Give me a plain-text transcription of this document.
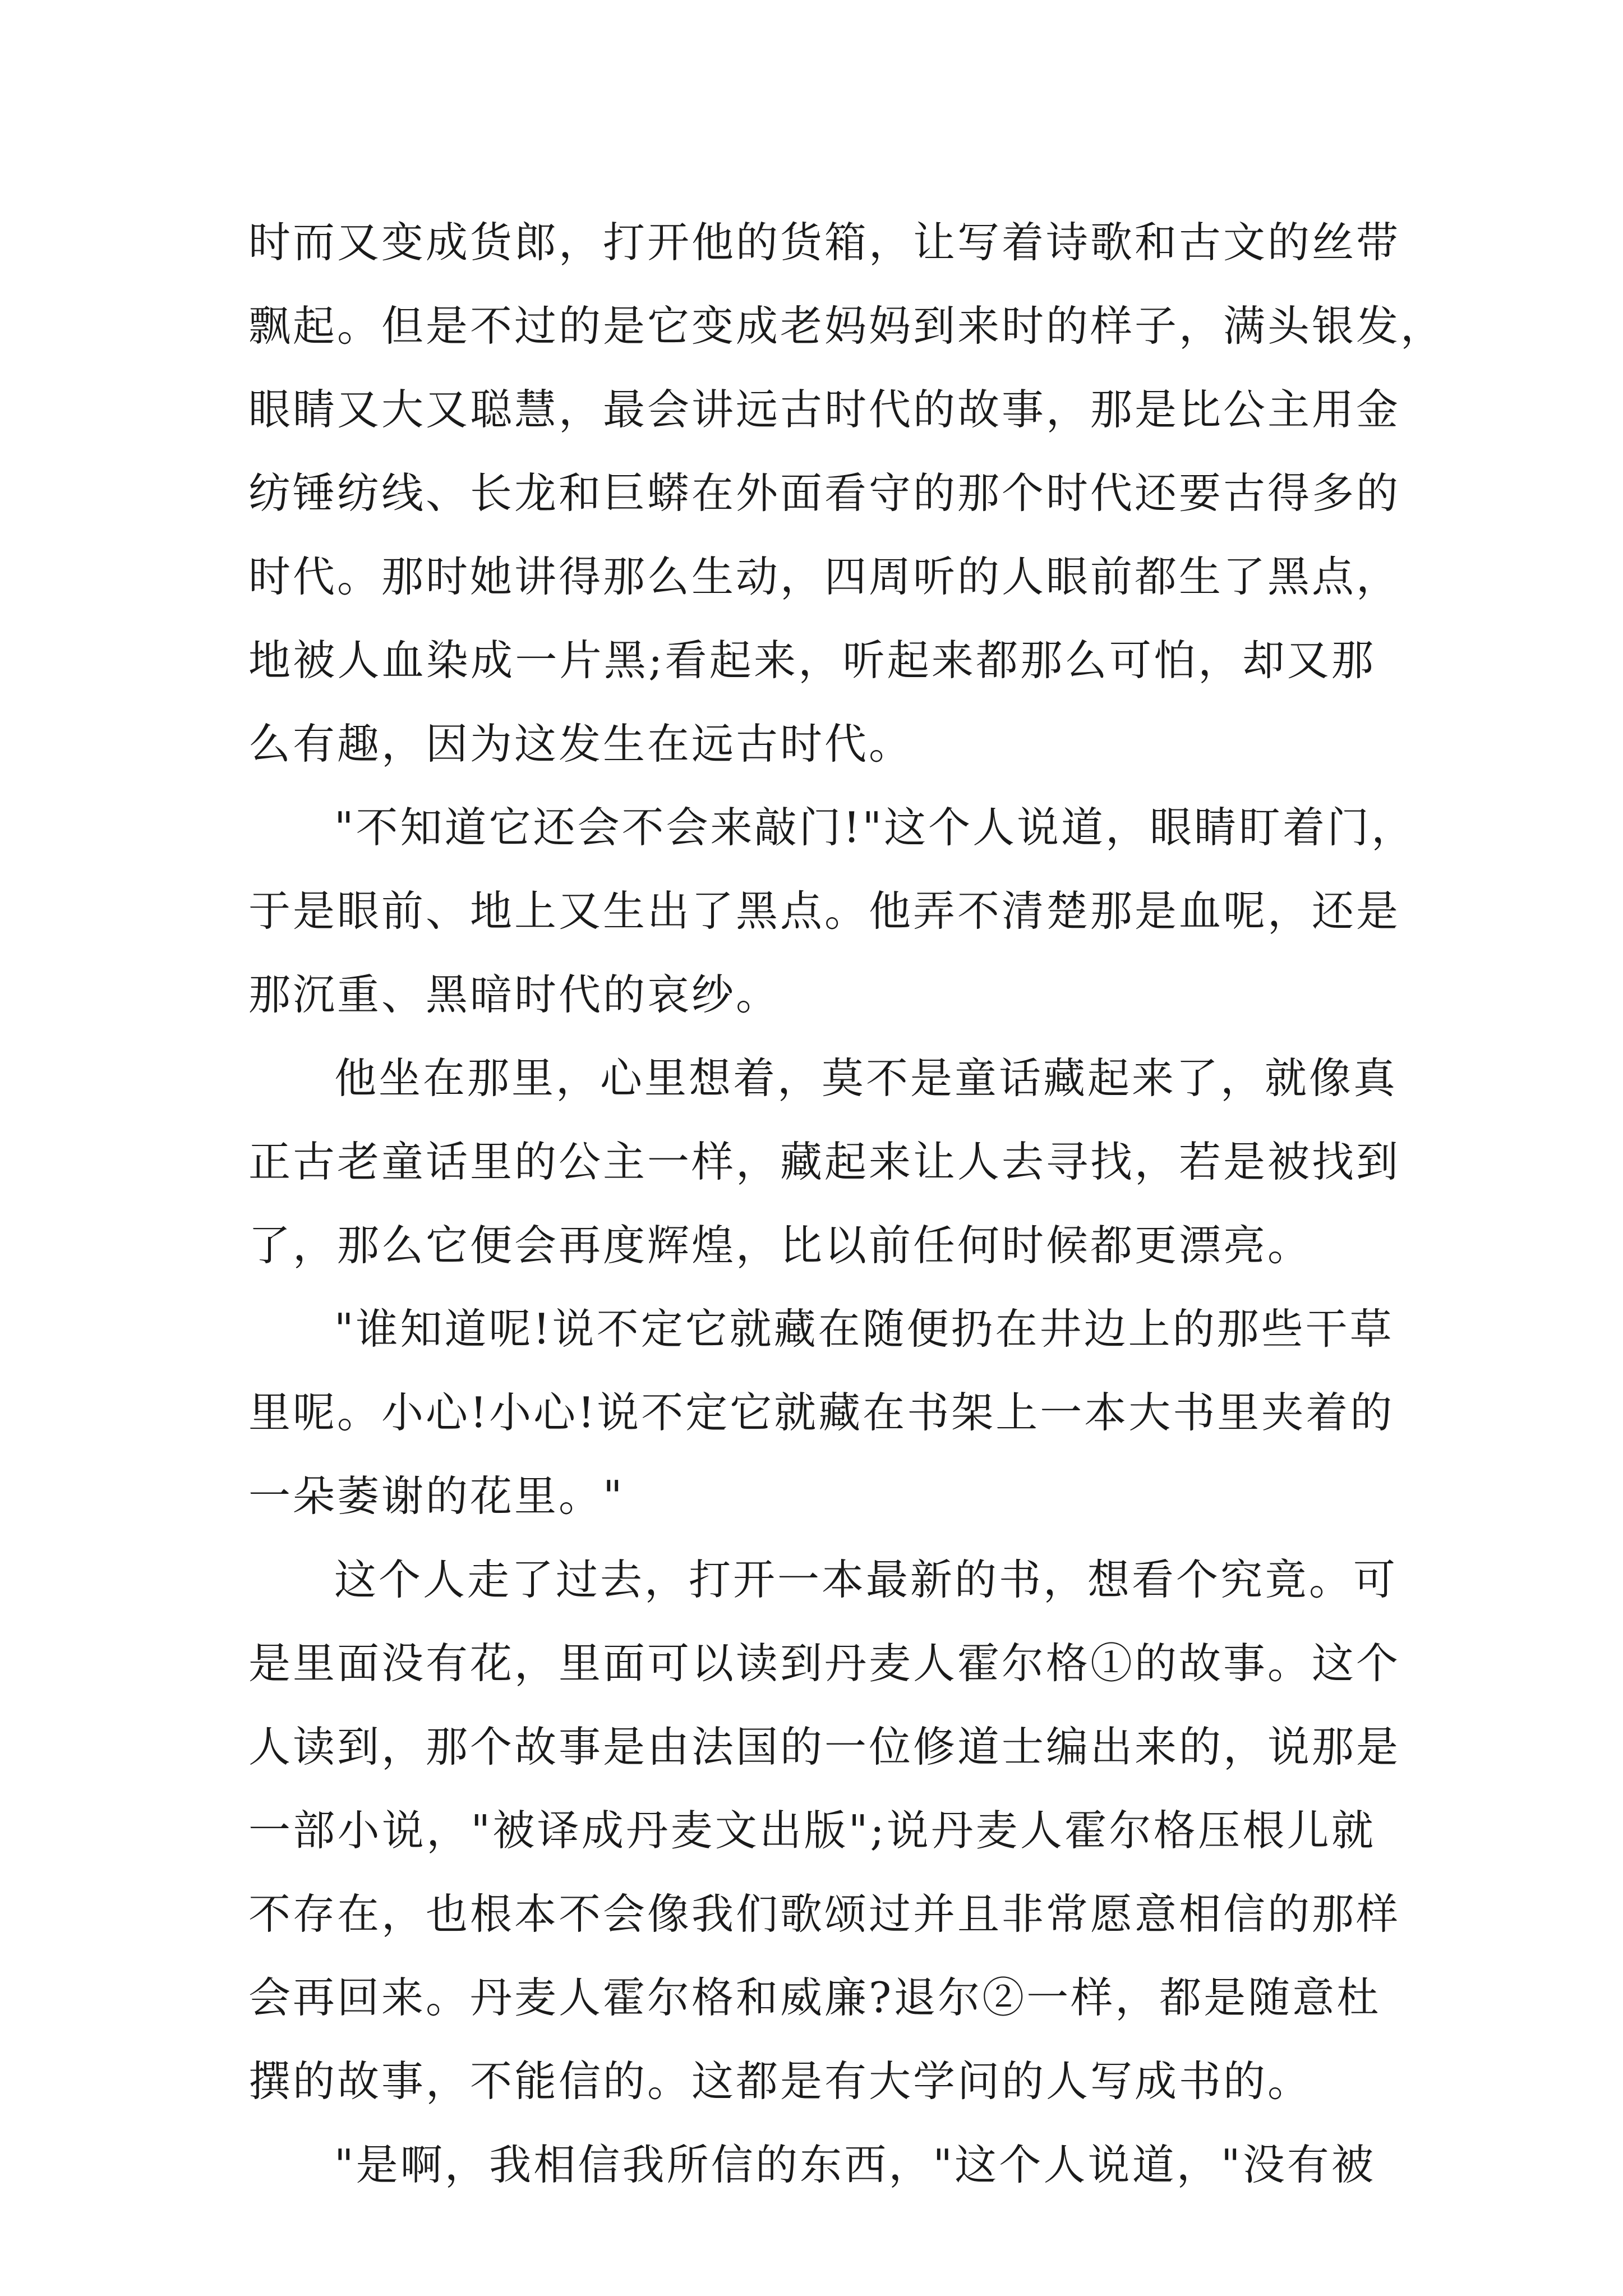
时而又变成货郎，打开他的货箱，让写着诗歌和古文的丝带
飘起。但是不过的是它变成老妈妈到来时的样子，满头银发，
眼睛又大又聪慧，最会讲远古时代的故事，那是比公主用金
纺锤纺线、长龙和巨蟒在外面看守的那个时代还要古得多的
时代。那时她讲得那么生动，四周听的人眼前都生了黑点，
地被人血染成一片黑;看起来，听起来都那么可怕，却又那
么有趣，因为这发生在远古时代。
"不知道它还会不会来敲门!"这个人说道，眼睛盯着门，
于是眼前、地上又生出了黑点。他弄不清楚那是血呢，还是
那沉重、黑暗时代的哀纱。
他坐在那里，心里想着，莫不是童话藏起来了，就像真
正古老童话里的公主一样，藏起来让人去寻找，若是被找到
了，那么它便会再度辉煌，比以前任何时候都更漂亮。
"谁知道呢!说不定它就藏在随便扔在井边上的那些干草
里呢。小心!小心!说不定它就藏在书架上一本大书里夹着的
一朵萎谢的花里。"
这个人走了过去，打开一本最新的书，想看个究竟。可
是里面没有花，里面可以读到丹麦人霍尔格①的故事。这个
人读到，那个故事是由法国的一位修道士编出来的，说那是
一部小说，"被译成丹麦文出版";说丹麦人霍尔格压根儿就
不存在，也根本不会像我们歌颂过并且非常愿意相信的那样
会再回来。丹麦人霍尔格和威廉?退尔②一样，都是随意杜
撰的故事，不能信的。这都是有大学问的人写成书的。
"是啊，我相信我所信的东西，"这个人说道，"没有被
